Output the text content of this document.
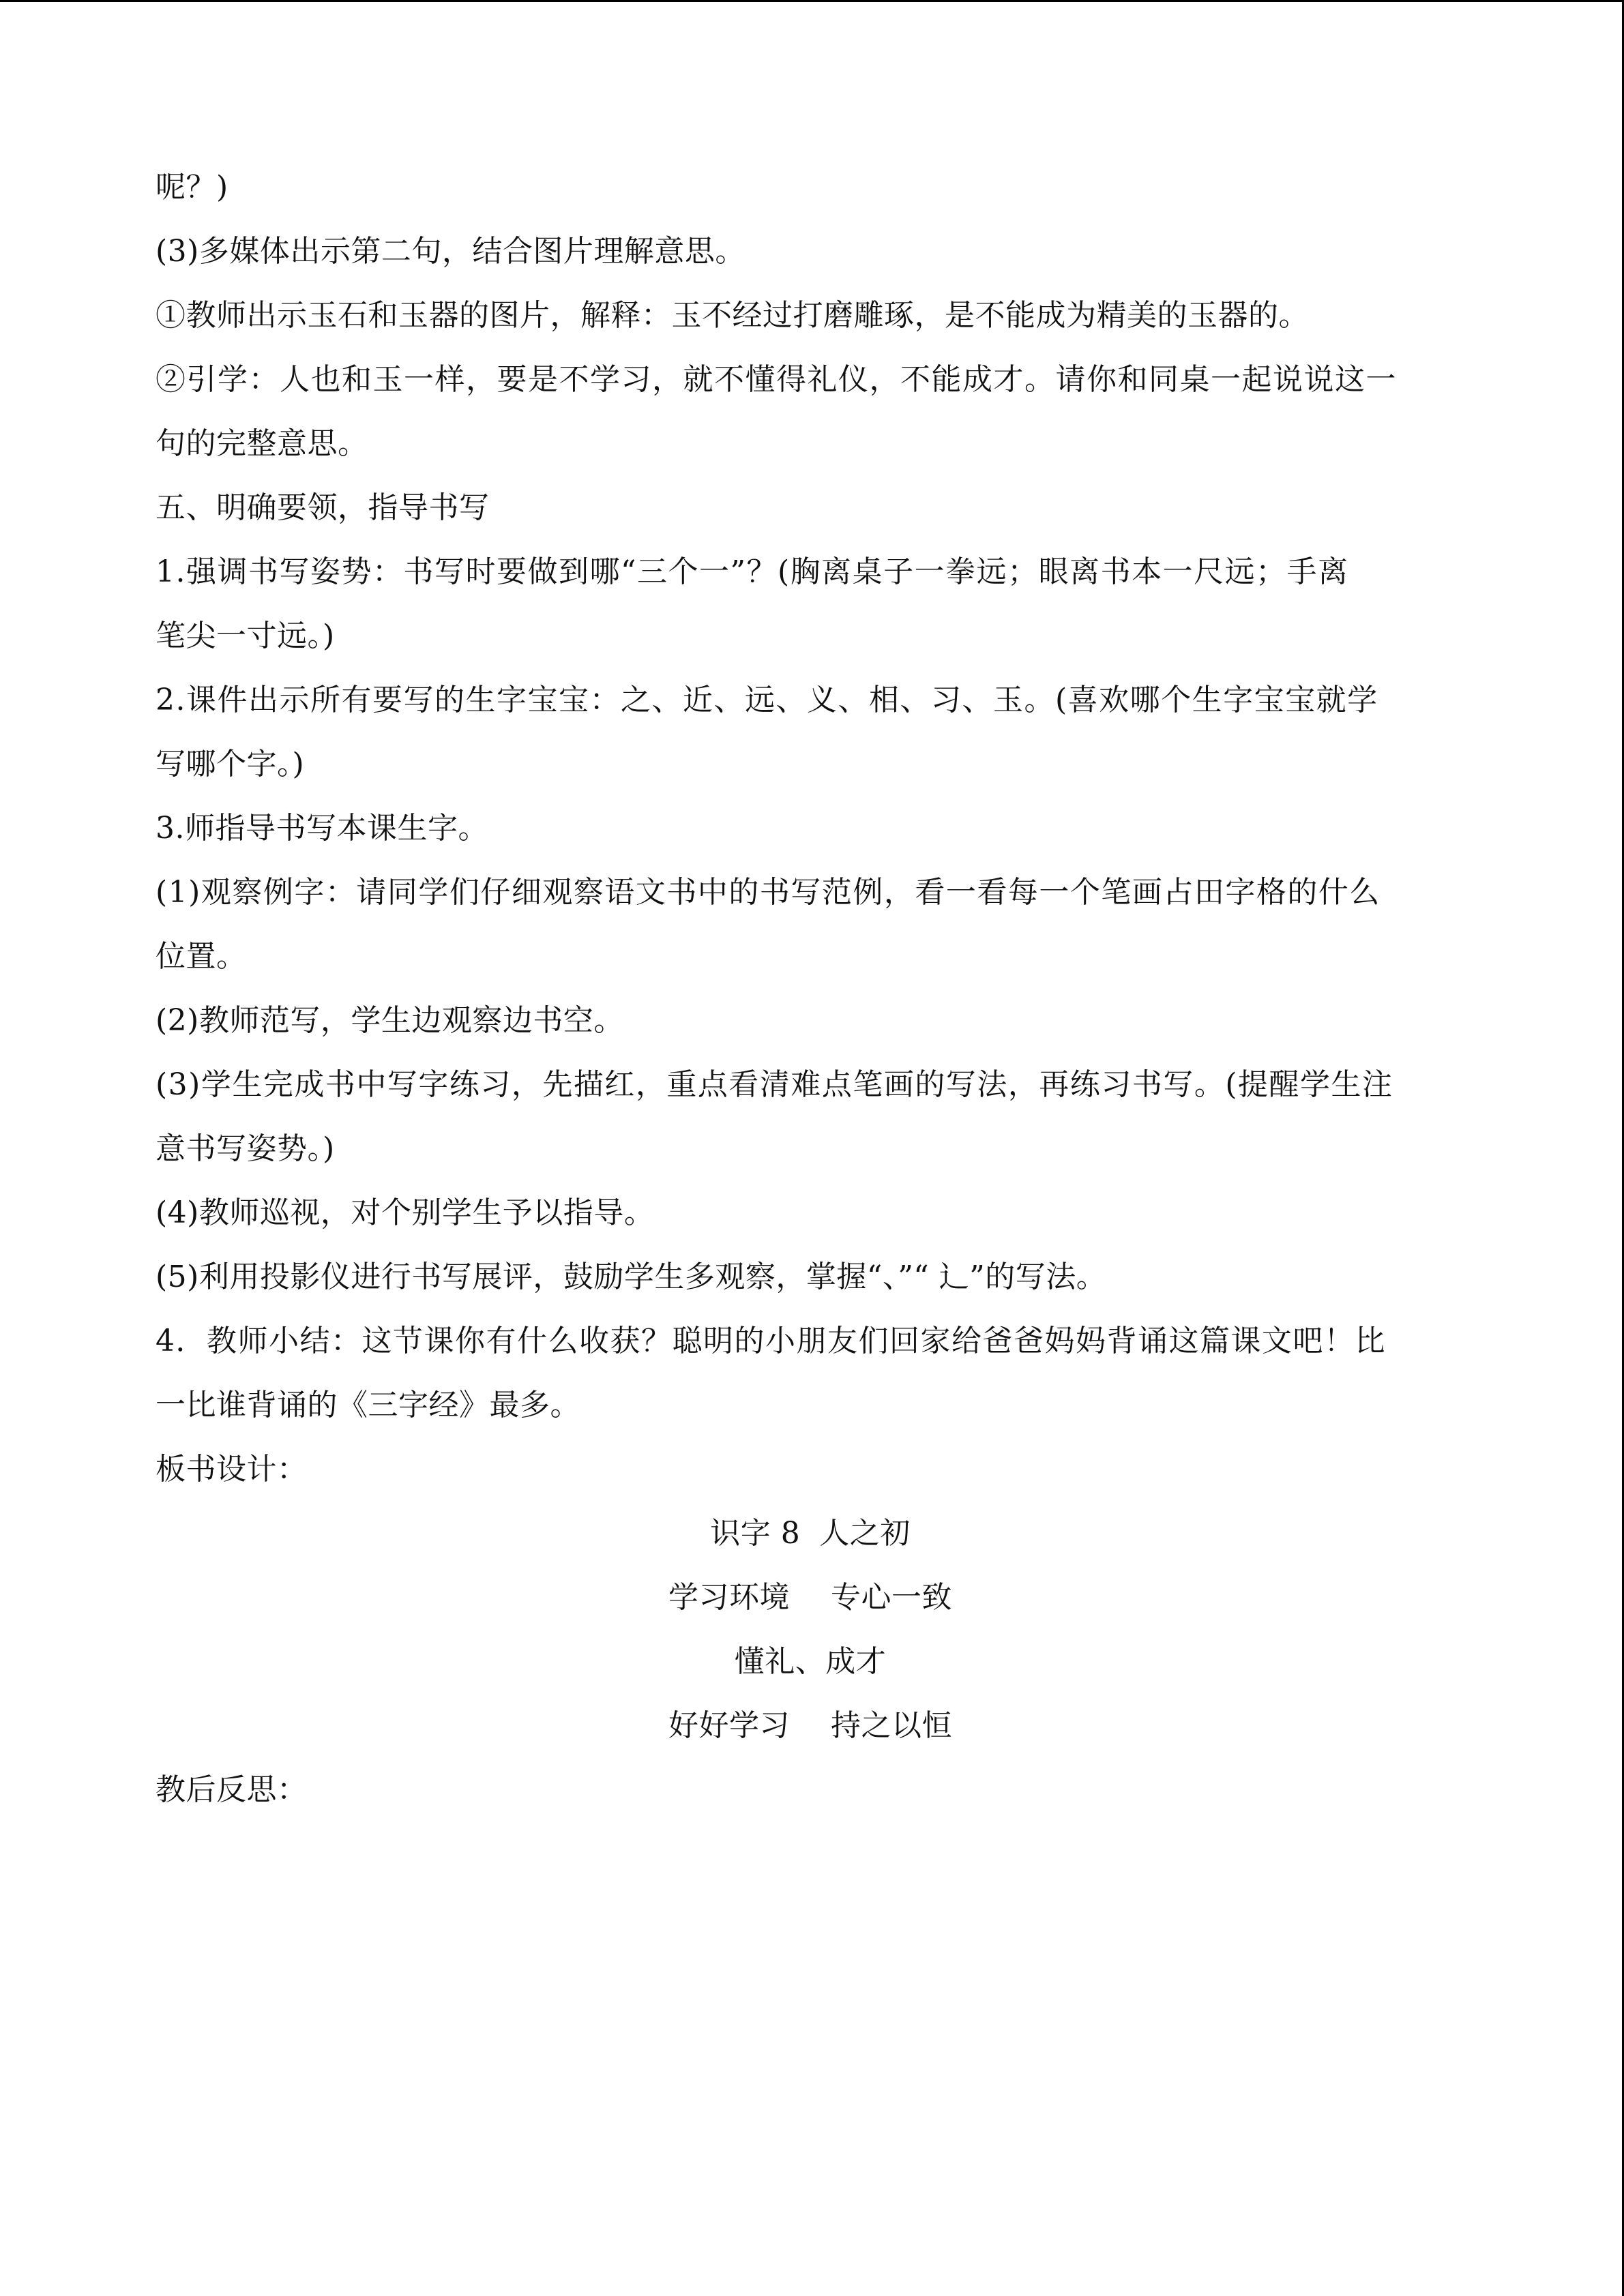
呢？)
(3)多媒体出示第二句，结合图片理解意思。
①教师出示玉石和玉器的图片，解释：玉不经过打磨雕琢，是不能成为精美的玉器的。
②引学：人也和玉一样，要是不学习，就不懂得礼仪，不能成才。请你和同桌一起说说这一
句的完整意思。
五、明确要领，指导书写
1.强调书写姿势：书写时要做到哪“三个一”？(胸离桌子一拳远；眼离书本一尺远；手离
笔尖一寸远。)
2.课件出示所有要写的生字宝宝：之、近、远、义、相、习、玉。(喜欢哪个生字宝宝就学
写哪个字。)
3.师指导书写本课生字。
(1)观察例字：请同学们仔细观察语文书中的书写范例，看一看每一个笔画占田字格的什么
位置。
(2)教师范写，学生边观察边书空。
(3)学生完成书中写字练习，先描红，重点看清难点笔画的写法，再练习书写。(提醒学生注
意书写姿势。)
(4)教师巡视，对个别学生予以指导。
(5)利用投影仪进行书写展评，鼓励学生多观察，掌握“、”“ 辶”的写法。
4．教师小结：这节课你有什么收获？聪明的小朋友们回家给爸爸妈妈背诵这篇课文吧！比
一比谁背诵的《三字经》最多。
板书设计：
识字 8 人之初
学习环境 专心一致
懂礼、成才
好好学习 持之以恒
教后反思：
